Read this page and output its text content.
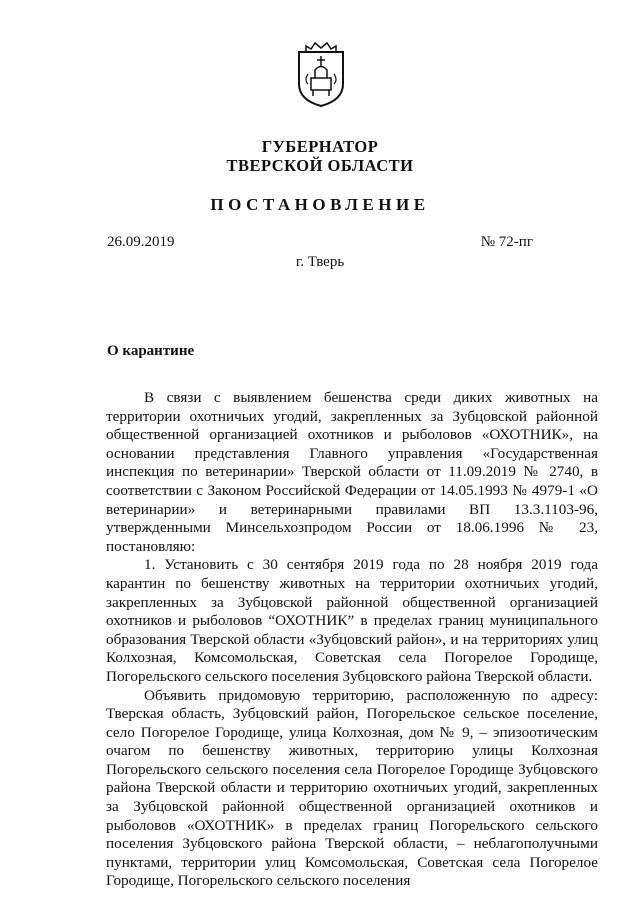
ГУБЕРНАТОР
ТВЕРСКОЙ ОБЛАСТИ
ПОСТАНОВЛЕНИЕ
26.09.2019	№ 72-пг
г. Тверь
О карантине

В связи с выявлением бешенства среди диких животных на территории охотничьих угодий, закрепленных за Зубцовской районной общественной организацией охотников и рыболовов «ОХОТНИК», на основании представления Главного управления «Государственная инспекция по ветеринарии» Тверской области от 11.09.2019 № 2740, в соответствии с Законом Российской Федерации от 14.05.1993 № 4979-1 «О ветеринарии» и ветеринарными правилами ВП 13.3.1103-96, утвержденными Минсельхозпродом России от 18.06.1996 № 23, постановляю:

1. Установить с 30 сентября 2019 года по 28 ноября 2019 года карантин по бешенству животных на территории охотничьих угодий, закрепленных за Зубцовской районной общественной организацией охотников и рыболовов “ОХОТНИК” в пределах границ муниципального образования Тверской области «Зубцовский район», и на территориях улиц Колхозная, Комсомольская, Советская села Погорелое Городище, Погорельского сельского поселения Зубцовского района Тверской области.

Объявить придомовую территорию, расположенную по адресу: Тверская область, Зубцовский район, Погорельское сельское поселение, село Погорелое Городище, улица Колхозная, дом № 9, – эпизоотическим очагом по бешенству животных, территорию улицы Колхозная Погорельского сельского поселения села Погорелое Городище Зубцовского района Тверской области и территорию охотничьих угодий, закрепленных за Зубцовской районной общественной организацией охотников и рыболовов «ОХОТНИК» в пределах границ Погорельского сельского поселения Зубцовского района Тверской области, – неблагополучными пунктами, территории улиц Комсомольская, Советская села Погорелое Городище, Погорельского сельского поселения
